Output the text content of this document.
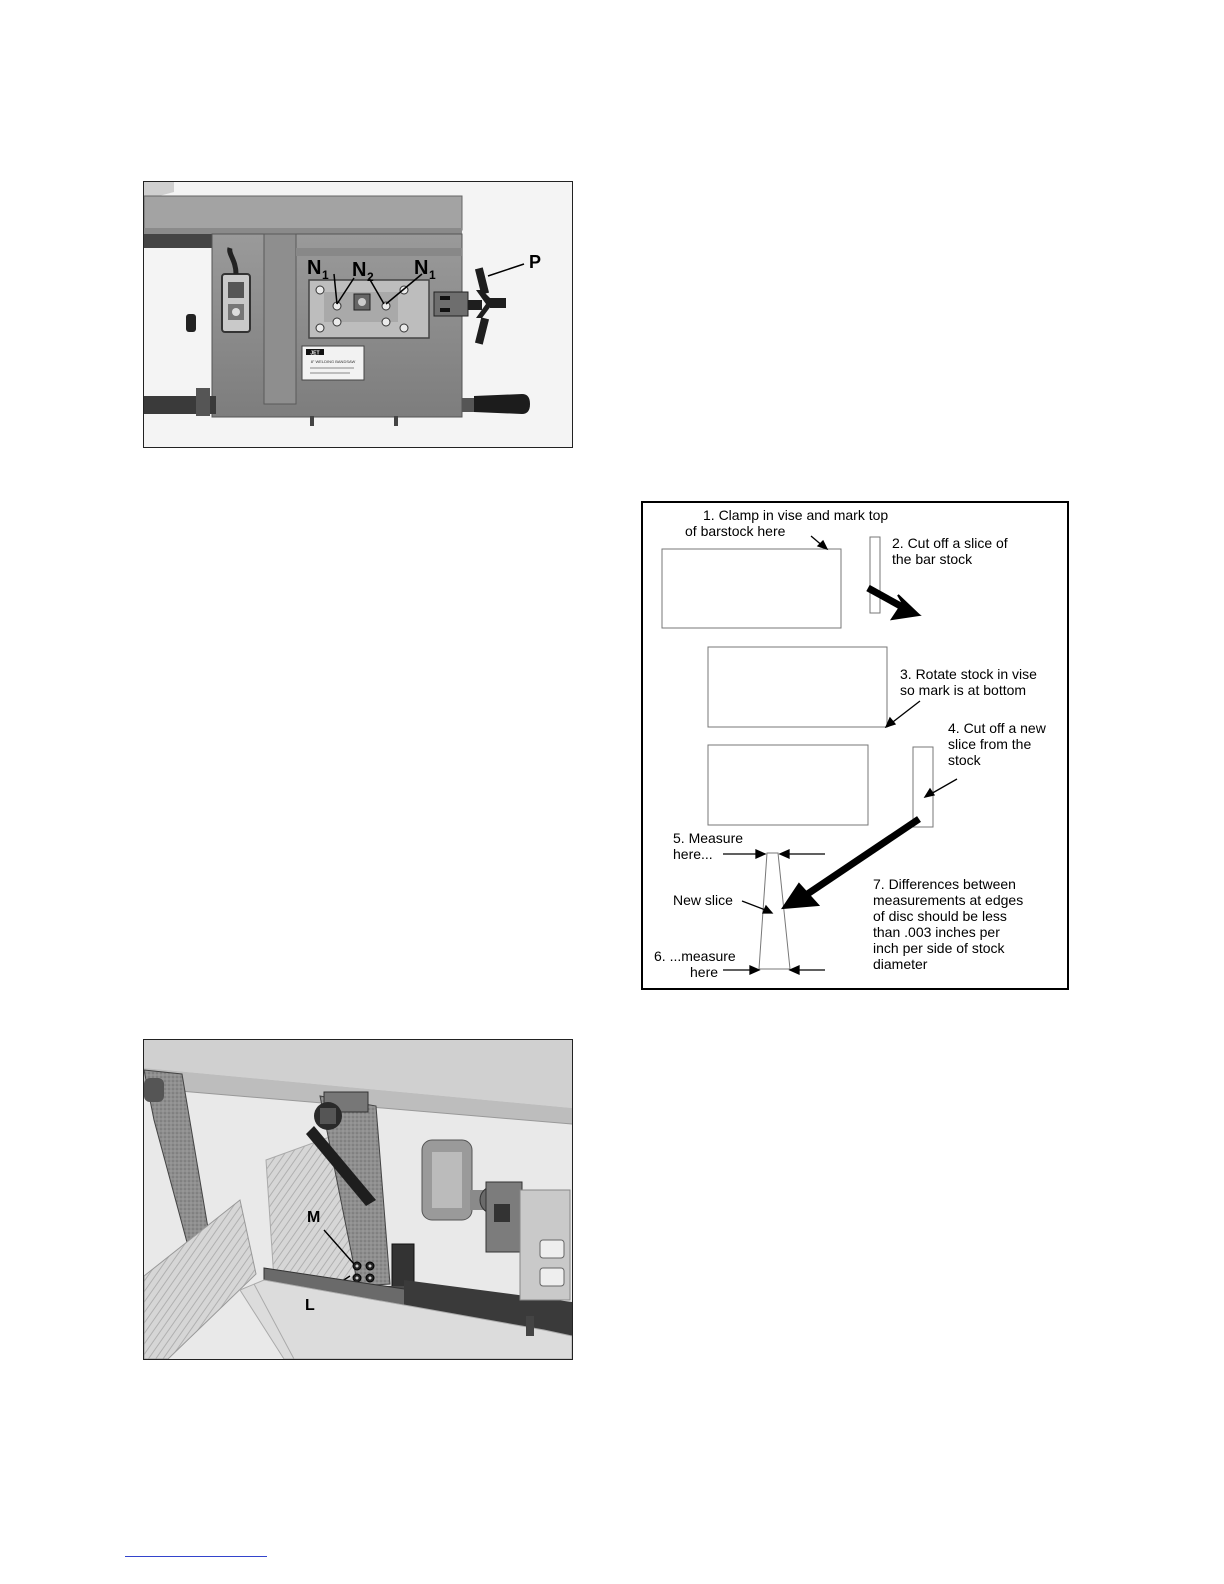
JET
8" WELDING BANDSAW
N 1 N 2 N 1
P
1. Clamp in vise and mark top
of barstock here
2. Cut off a slice of
the bar stock
3. Rotate stock in vise
so mark is at bottom
4. Cut off a new
slice from the
stock
5. Measure
here...
New slice
6. ...measure
here
7. Differences between
measurements at edges
of disc should be less
than .003 inches per
inch per side of stock
diameter
M
L
